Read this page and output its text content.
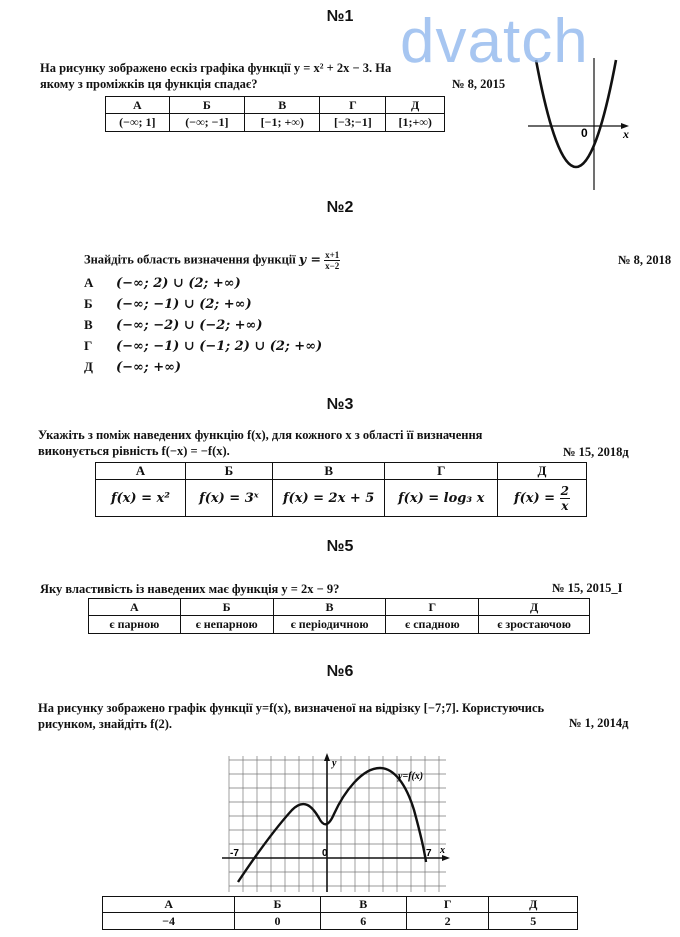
№1
На рисунку зображено ескіз графіка функції y = x² + 2x − 3. На
якому з проміжків ця функція спадає?	№ 8, 2015
А	Б	В	Г	Д
(−∞; 1]	(−∞; −1]	[−1; +∞)	[−3;−1]	[1;+∞)
0	x
dvatch
№2
Знайдіть область визначення функції $y = \frac{x+1}{x-2}$	№ 8, 2018
А (−∞; 2) ∪ (2; +∞)
Б (−∞; −1) ∪ (2; +∞)
В (−∞; −2) ∪ (−2; +∞)
Г (−∞; −1) ∪ (−1; 2) ∪ (2; +∞)
Д (−∞; +∞)
№3
Укажіть з поміж наведених функцію f(x), для кожного x з області її визначення
виконується рівність f(−x) = −f(x).	№ 15, 2018д
А	Б	В	Г	Д
f(x) = x²	f(x) = 3ˣ	f(x) = 2x + 5	f(x) = log₃ x	$f(x) = \frac{2}{x}$
№5
Яку властивість із наведених має функція y = 2x − 9?	№ 15, 2015_I
А	Б	В	Г	Д
є парною	є непарною	є періодичною	є спадною	є зростаючою
№6
На рисунку зображено графік функції y=f(x), визначеної на відрізку [−7;7]. Користуючись
рисунком, знайдіть f(2).	№ 1, 2014д
y
y=f(x)
-7	0	7 x
А	Б	В	Г	Д
−4	0	6	2	5
